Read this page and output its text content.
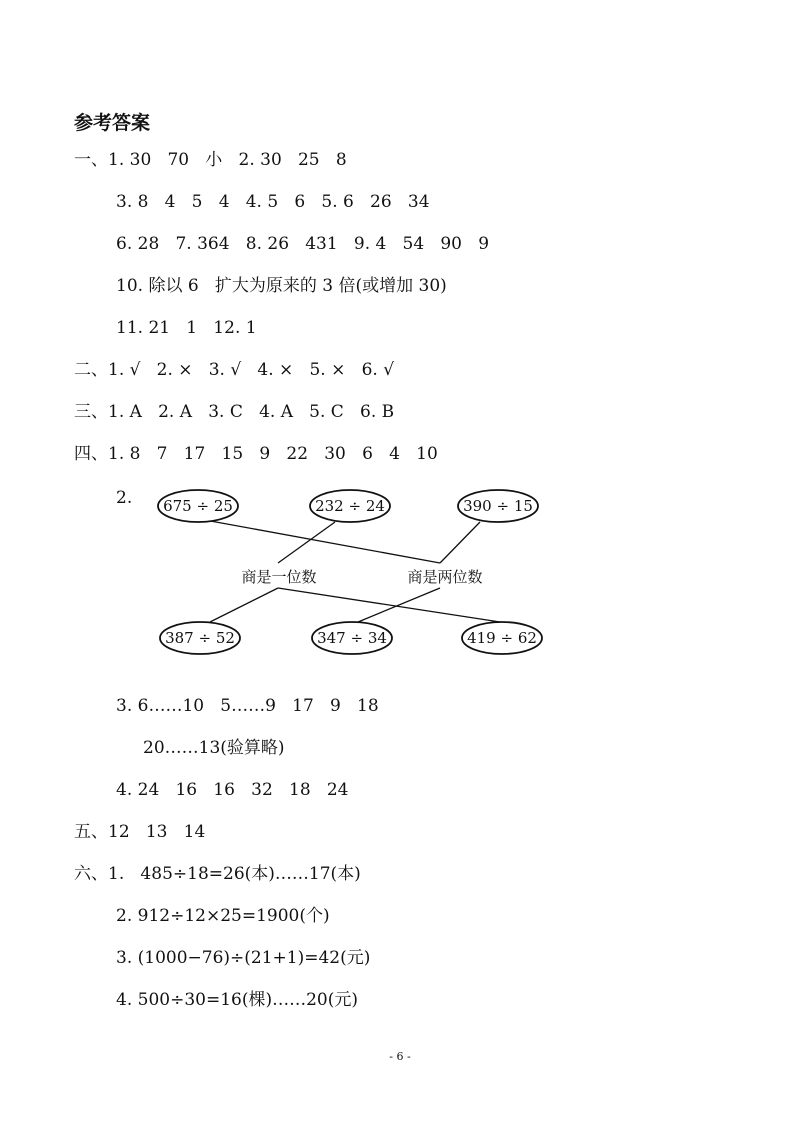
参考答案
一、1. 30   70   小   2. 30   25   8
3. 8   4   5   4   4. 5   6   5. 6   26   34
6. 28   7. 364   8. 26   431   9. 4   54   90   9
10. 除以 6   扩大为原来的 3 倍(或增加 30)
11. 21   1   12. 1
二、1. √   2. ×   3. √   4. ×   5. ×   6. √
三、1. A   2. A   3. C   4. A   5. C   6. B
四、1. 8   7   17   15   9   22   30   6   4   10
2. 675 ÷ 25	232 ÷ 24	390 ÷ 15
商是一位数	商是两位数
387 ÷ 52	347 ÷ 34	419 ÷ 62
3. 6……10   5……9   17   9   18
20……13(验算略)
4. 24   16   16   32   18   24
五、12   13   14
六、1.   485÷18=26(本)……17(本)
2. 912÷12×25=1900(个)
3. (1000−76)÷(21+1)=42(元)
4. 500÷30=16(棵)……20(元)
- 6 -
